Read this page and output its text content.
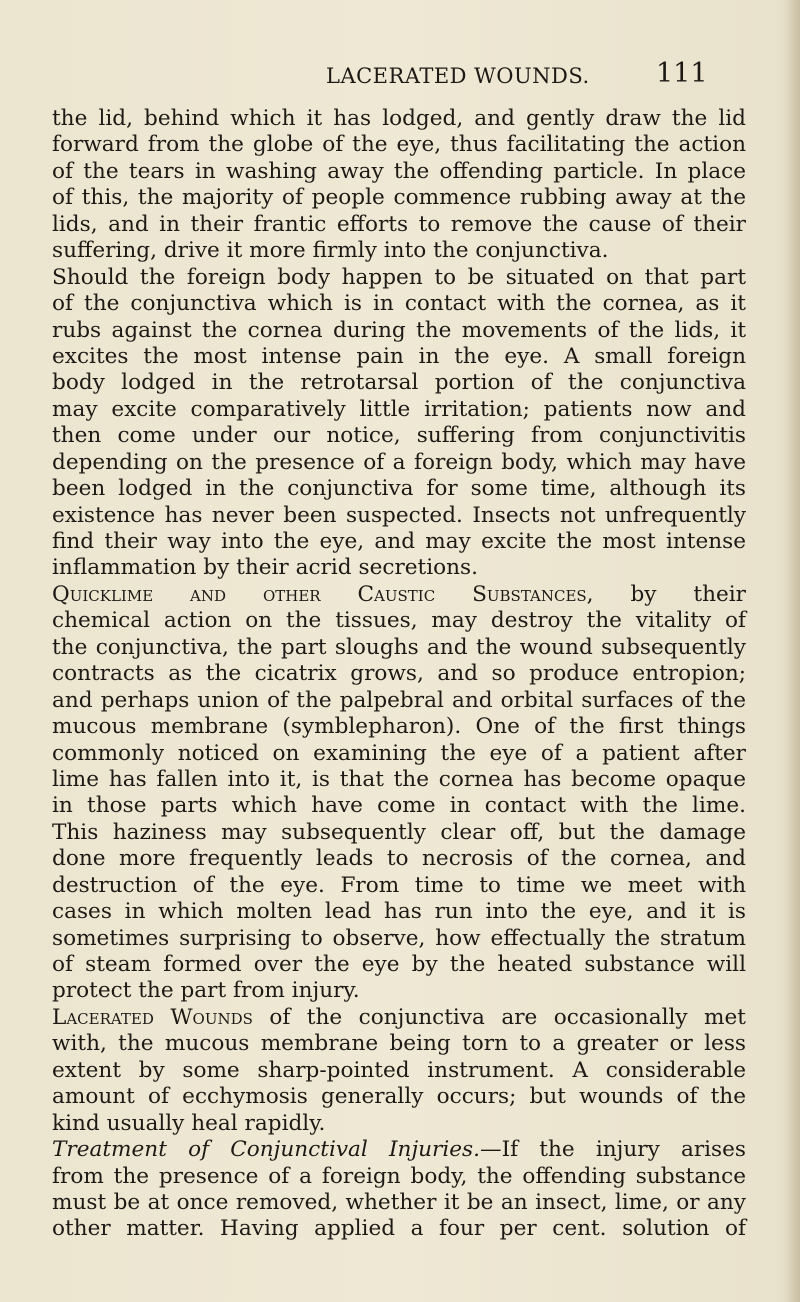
LACERATED WOUNDS. 111
the lid, behind which it has lodged, and gently draw the lid
forward from the globe of the eye, thus facilitating the action
of the tears in washing away the offending particle. In place
of this, the majority of people commence rubbing away at the
lids, and in their frantic efforts to remove the cause of their
suffering, drive it more firmly into the conjunctiva.
Should the foreign body happen to be situated on that part
of the conjunctiva which is in contact with the cornea, as it
rubs against the cornea during the movements of the lids, it
excites the most intense pain in the eye. A small foreign
body lodged in the retrotarsal portion of the conjunctiva
may excite comparatively little irritation; patients now and
then come under our notice, suffering from conjunctivitis
depending on the presence of a foreign body, which may have
been lodged in the conjunctiva for some time, although its
existence has never been suspected. Insects not unfrequently
find their way into the eye, and may excite the most intense
inflammation by their acrid secretions.
Quicklime and other Caustic Substances, by their
chemical action on the tissues, may destroy the vitality of
the conjunctiva, the part sloughs and the wound subsequently
contracts as the cicatrix grows, and so produce entropion;
and perhaps union of the palpebral and orbital surfaces of the
mucous membrane (symblepharon). One of the first things
commonly noticed on examining the eye of a patient after
lime has fallen into it, is that the cornea has become opaque
in those parts which have come in contact with the lime.
This haziness may subsequently clear off, but the damage
done more frequently leads to necrosis of the cornea, and
destruction of the eye. From time to time we meet with
cases in which molten lead has run into the eye, and it is
sometimes surprising to observe, how effectually the stratum
of steam formed over the eye by the heated substance will
protect the part from injury.
Lacerated Wounds of the conjunctiva are occasionally met
with, the mucous membrane being torn to a greater or less
extent by some sharp-pointed instrument. A considerable
amount of ecchymosis generally occurs; but wounds of the
kind usually heal rapidly.
Treatment of Conjunctival Injuries.—If the injury arises
from the presence of a foreign body, the offending substance
must be at once removed, whether it be an insect, lime, or any
other matter. Having applied a four per cent. solution of
